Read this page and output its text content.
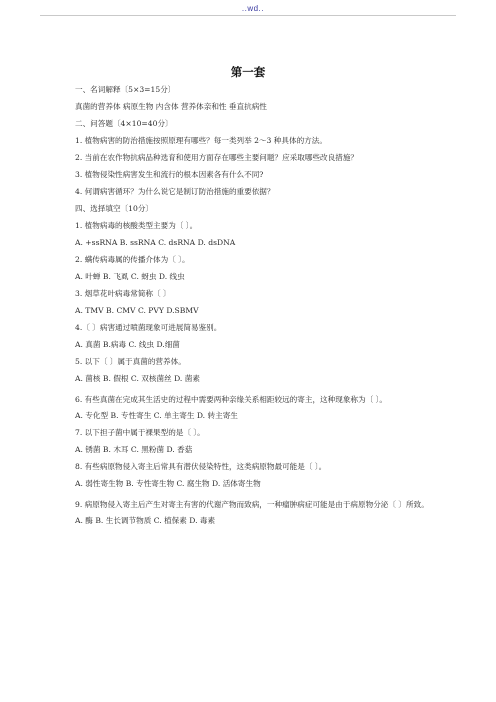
..wd..
第一套
一、名词解释〔5×3=15分〕
真菌的营养体 病原生物 内含体 营养体亲和性 垂直抗病性
二、问答题〔4×10=40分〕
1. 植物病害的防治措施按照原理有哪些？每一类列举 2～3 种具体的方法。
2. 当前在农作物抗病品种选育和使用方面存在哪些主要问题？应采取哪些改良措施？
3. 植物侵染性病害发生和流行的根本因素各有什么不同?
4. 何谓病害循环？为什么说它是制订防治措施的重要依据？
四、选择填空〔10分〕
1. 植物病毒的核酸类型主要为〔 〕。
A. +ssRNA B. ssRNA C. dsRNA D. dsDNA
2. 螨传病毒属的传播介体为〔 〕。
A. 叶蝉 B. 飞虱 C. 蚜虫 D. 线虫
3. 烟草花叶病毒常简称〔 〕
A. TMV B. CMV C. PVY D.SBMV
4.〔 〕病害通过喷菌现象可进展简易鉴别。
A. 真菌 B.病毒 C. 线虫 D.细菌
5. 以下〔 〕属于真菌的营养体。
A. 菌核 B. 假根 C. 双核菌丝 D. 菌素
6. 有些真菌在完成其生活史的过程中需要两种亲缘关系相距较远的寄主，这种现象称为〔 〕。
A. 专化型 B. 专性寄生 C. 单主寄生 D. 转主寄生
7. 以下担子菌中属于裸果型的是〔 〕。
A. 锈菌 B. 木耳 C. 黑粉菌 D. 香菇
8. 有些病原物侵入寄主后常具有潜伏侵染特性，这类病原物最可能是〔 〕。
A. 弱性寄生物 B. 专性寄生物 C. 腐生物 D. 活体寄生物
9. 病原物侵入寄主后产生对寄主有害的代谢产物而致病，一种瘤肿病症可能是由于病原物分泌〔 〕所致。
A. 酶 B. 生长调节物质 C. 植保素 D. 毒素
